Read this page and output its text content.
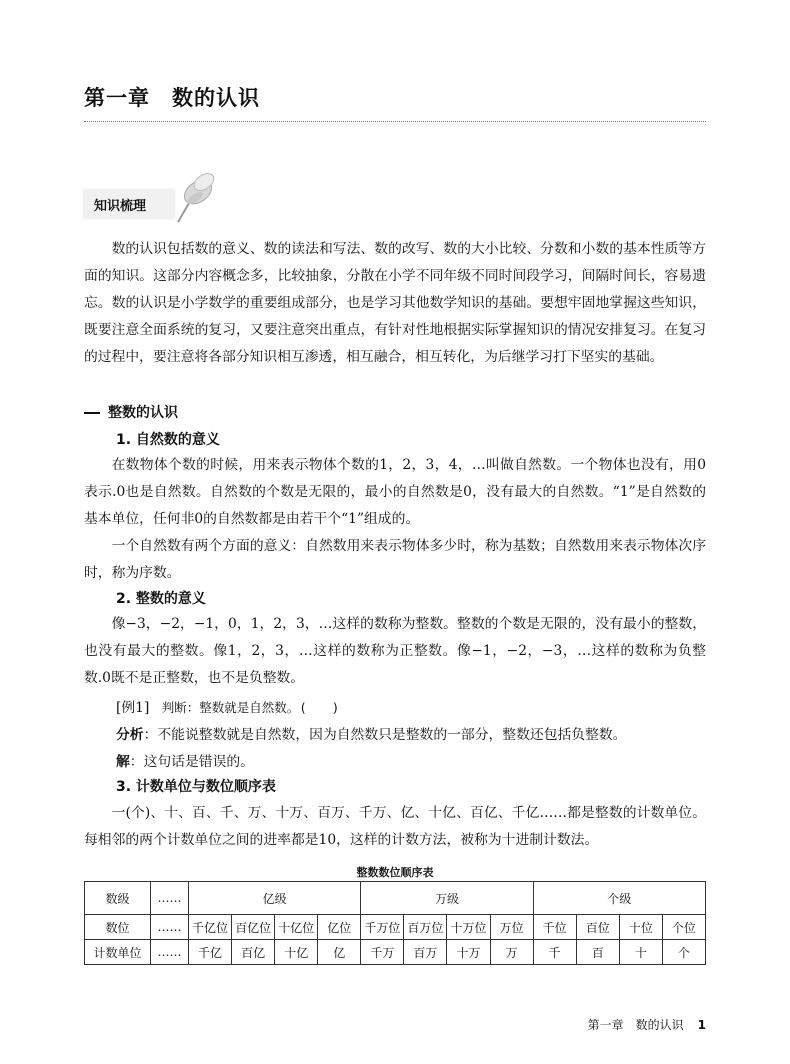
第一章　数的认识
知识梳理
数的认识包括数的意义、数的读法和写法、数的改写、数的大小比较、分数和小数的基本性质等方面的知识。这部分内容概念多，比较抽象，分散在小学不同年级不同时间段学习，间隔时间长，容易遗忘。数的认识是小学数学的重要组成部分，也是学习其他数学知识的基础。要想牢固地掌握这些知识，既要注意全面系统的复习，又要注意突出重点，有针对性地根据实际掌握知识的情况安排复习。在复习的过程中，要注意将各部分知识相互渗透，相互融合，相互转化，为后继学习打下坚实的基础。
整数的认识
1. 自然数的意义
在数物体个数的时候，用来表示物体个数的1，2，3，4，…叫做自然数。一个物体也没有，用0表示.0也是自然数。自然数的个数是无限的，最小的自然数是0，没有最大的自然数。“1”是自然数的基本单位，任何非0的自然数都是由若干个“1”组成的。
一个自然数有两个方面的意义：自然数用来表示物体多少时，称为基数；自然数用来表示物体次序时，称为序数。
2. 整数的意义
像−3，−2，−1，0，1，2，3，…这样的数称为整数。整数的个数是无限的，没有最小的整数，也没有最大的整数。像1，2，3，…这样的数称为正整数。像−1，−2，−3，…这样的数称为负整数.0既不是正整数，也不是负整数。
[例1] 判断：整数就是自然数。(　　)
分析：不能说整数就是自然数，因为自然数只是整数的一部分，整数还包括负整数。
解：这句话是错误的。
3. 计数单位与数位顺序表
一(个)、十、百、千、万、十万、百万、千万、亿、十亿、百亿、千亿……都是整数的计数单位。每相邻的两个计数单位之间的进率都是10，这样的计数方法，被称为十进制计数法。
整数数位顺序表
数级	……	亿级				万级				个级			
数位	……	千亿位	百亿位	十亿位	亿位	千万位	百万位	十万位	万位	千位	百位	十位	个位
计数单位	……	千亿	百亿	十亿	亿	千万	百万	十万	万	千	百	十	个

第一章　数的认识 1
